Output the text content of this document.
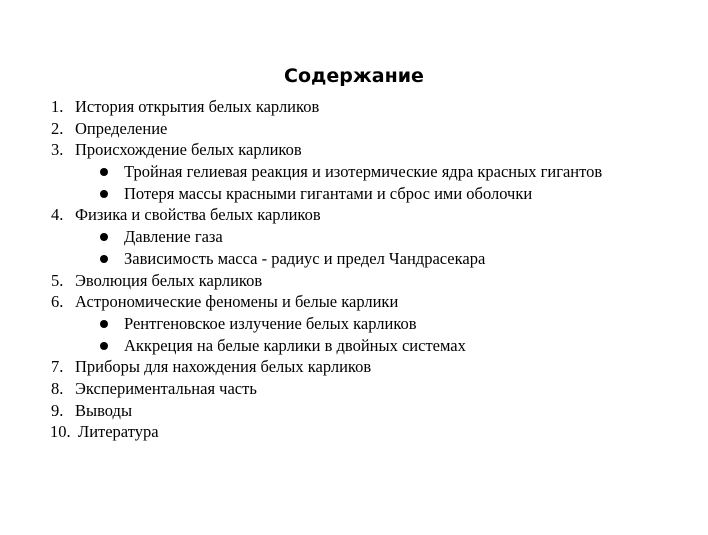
Содержание
1. История открытия белых карликов
2. Определение
3. Происхождение белых карликов
Тройная гелиевая реакция и изотермические ядра красных гигантов
Потеря массы красными гигантами и сброс ими оболочки
4. Физика и свойства белых карликов
Давление газа
Зависимость масса - радиус и предел Чандрасекара
5. Эволюция белых карликов
6. Астрономические феномены и белые карлики
Рентгеновское излучение белых карликов
Аккреция на белые карлики в двойных системах
7. Приборы для нахождения белых карликов
8. Экспериментальная часть
9. Выводы
10. Литература
